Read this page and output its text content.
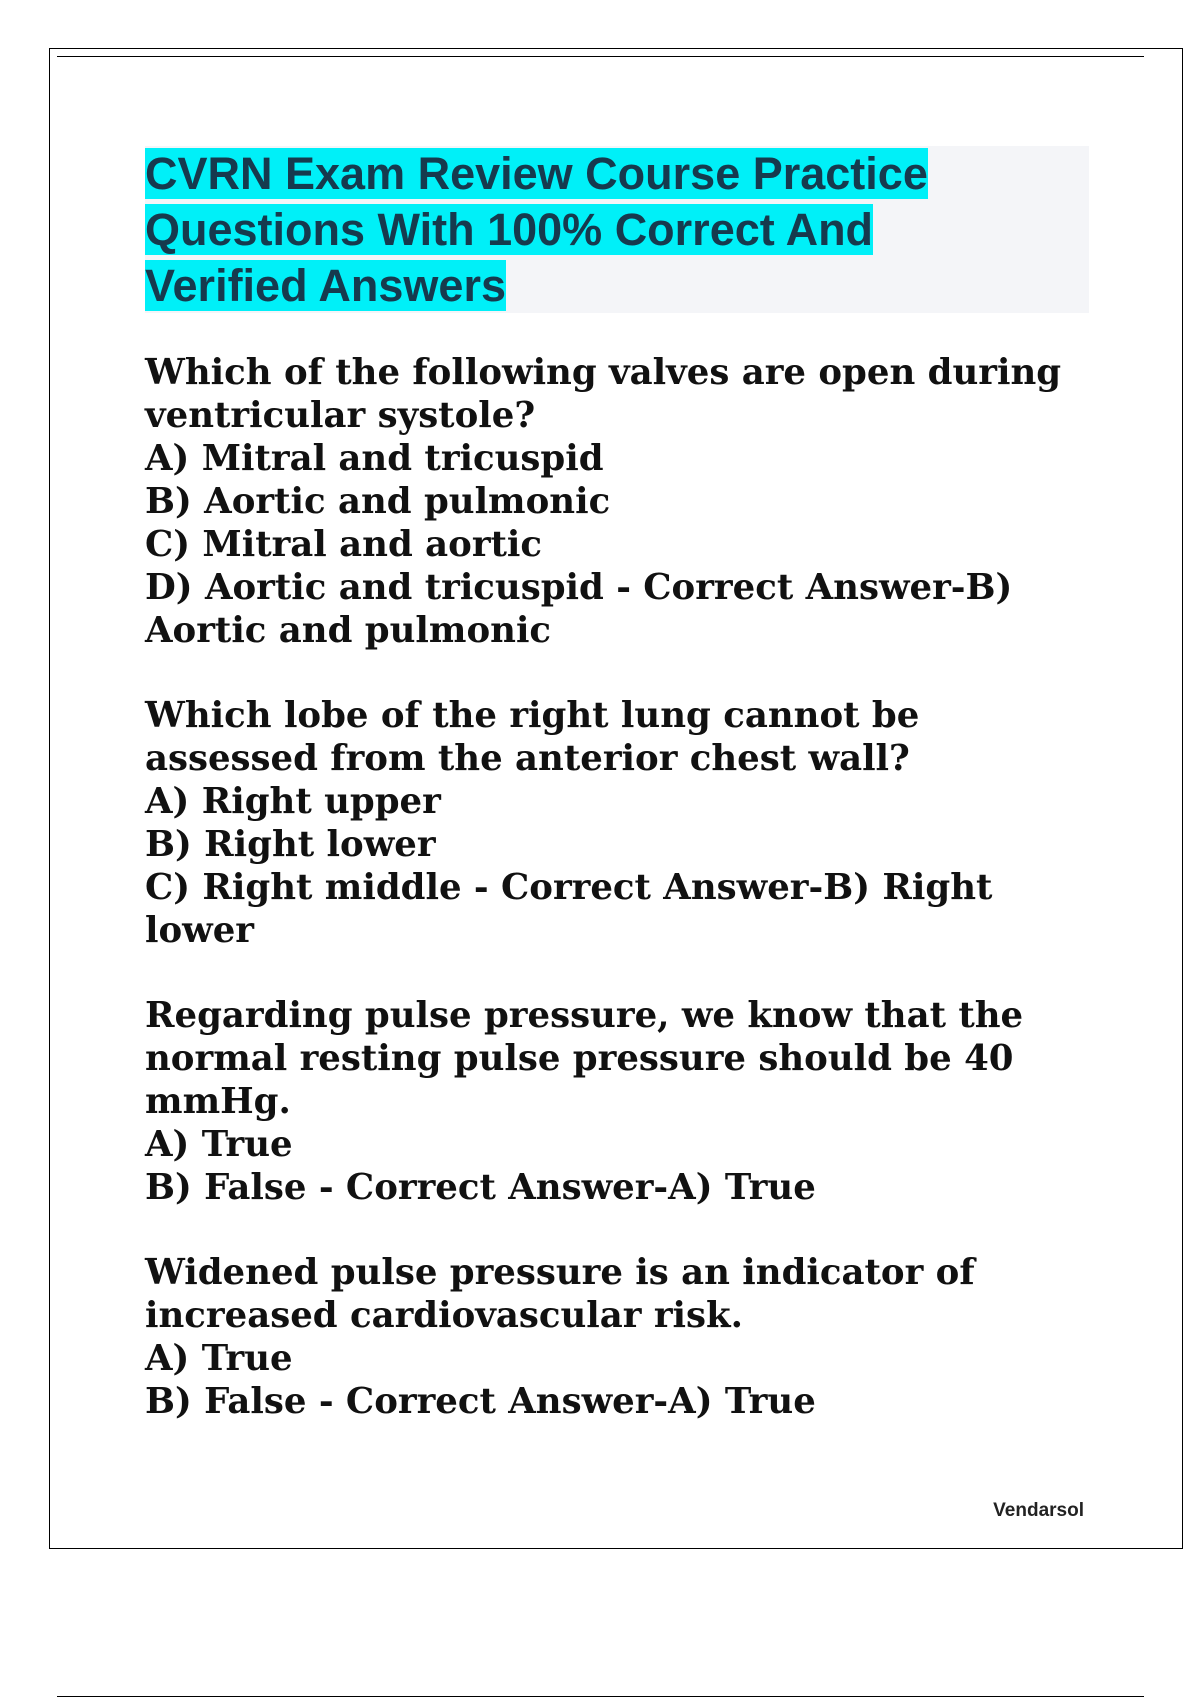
CVRN Exam Review Course Practice
Questions With 100% Correct And
Verified Answers
Which of the following valves are open during
ventricular systole?
A) Mitral and tricuspid
B) Aortic and pulmonic
C) Mitral and aortic
D) Aortic and tricuspid - Correct Answer-B)
Aortic and pulmonic
Which lobe of the right lung cannot be
assessed from the anterior chest wall?
A) Right upper
B) Right lower
C) Right middle - Correct Answer-B) Right
lower
Regarding pulse pressure, we know that the
normal resting pulse pressure should be 40
mmHg.
A) True
B) False - Correct Answer-A) True
Widened pulse pressure is an indicator of
increased cardiovascular risk.
A) True
B) False - Correct Answer-A) True
Vendarsol
